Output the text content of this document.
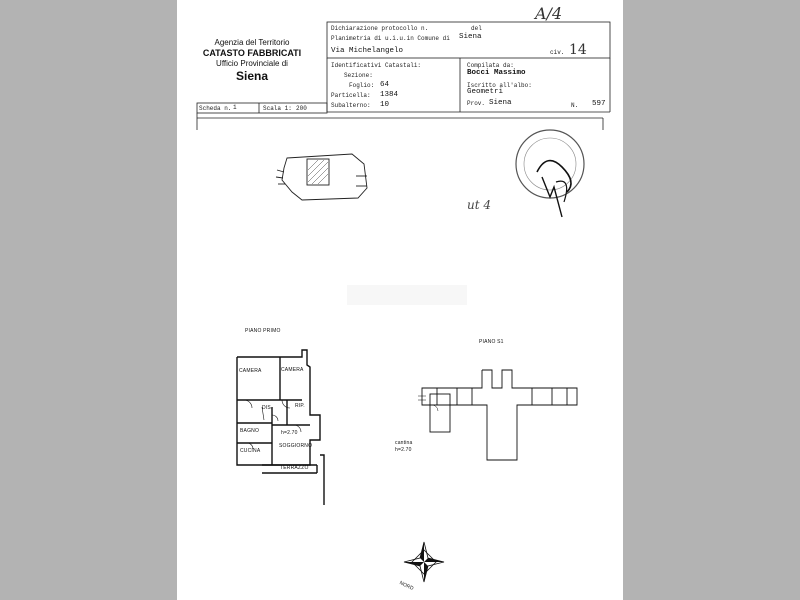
A/4
Agenzia del Territorio
CATASTO FABBRICATI
Ufficio Provinciale di
Siena
Dichiarazione protocollo n.	del
Planimetria di u.i.u.in Comune di Siena
Via Michelangelo	civ. 14
Identificativi Catastali:
Sezione:
Foglio: 64
Particella: 1384
Subalterno: 10
Compilata da:
Bocci Massimo
Iscritto all'albo:
Geometri
Prov. Siena	N. 597
Scheda n. 1	Scala 1: 200
ut 4
PIANO PRIMO
CAMERA	CAMERA
DIS.	RIP.
BAGNO
CUCINA
SOGGIORNO
TERRAZZO
h=2.70
PIANO S1
cantina
h=2.70
NORD
